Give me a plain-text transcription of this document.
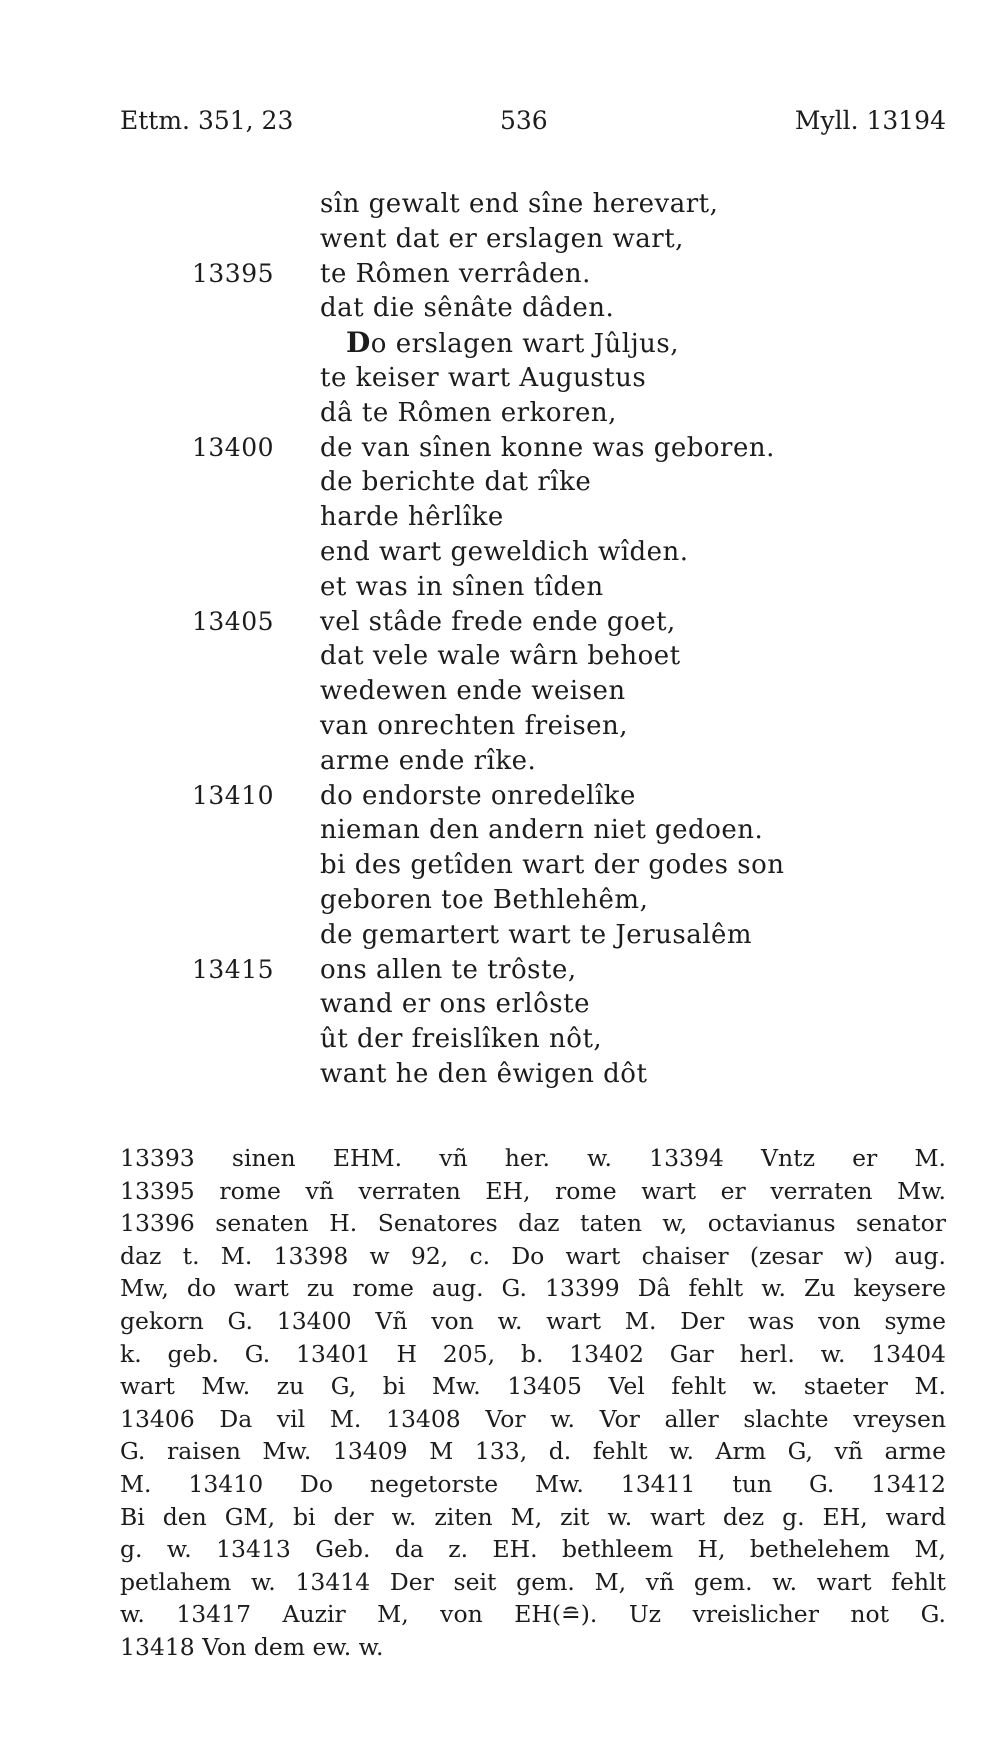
Ettm. 351, 23	536	Myll. 13194
sîn gewalt end sîne herevart,
went dat er erslagen wart,
13395 te Rômen verrâden.
dat die sênâte dâden.
Do erslagen wart Jûljus,
te keiser wart Augustus
dâ te Rômen erkoren,
13400 de van sînen konne was geboren.
de berichte dat rîke
harde hêrlîke
end wart geweldich wîden.
et was in sînen tîden
13405 vel stâde frede ende goet,
dat vele wale wârn behoet
wedewen ende weisen
van onrechten freisen,
arme ende rîke.
13410 do endorste onredelîke
nieman den andern niet gedoen.
bi des getîden wart der godes son
geboren toe Bethlehêm,
de gemartert wart te Jerusalêm
13415 ons allen te trôste,
wand er ons erlôste
ût der freislîken nôt,
want he den êwigen dôt
13393 sinen EHM. vñ her. w. 13394 Vntz er M.
13395 rome vñ verraten EH, rome wart er verraten Mw.
13396 senaten H. Senatores daz taten w, octavianus senator
daz t. M. 13398 w 92, c. Do wart chaiser (zesar w) aug.
Mw, do wart zu rome aug. G. 13399 Dâ fehlt w. Zu keysere
gekorn G. 13400 Vñ von w. wart M. Der was von syme
k. geb. G. 13401 H 205, b. 13402 Gar herl. w. 13404
wart Mw. zu G, bi Mw. 13405 Vel fehlt w. staeter M.
13406 Da vil M. 13408 Vor w. Vor aller slachte vreysen
G. raisen Mw. 13409 M 133, d. fehlt w. Arm G, vñ arme
M. 13410 Do negetorste Mw. 13411 tun G. 13412
Bi den GM, bi der w. ziten M, zit w. wart dez g. EH, ward
g. w. 13413 Geb. da z. EH. bethleem H, bethelehem M,
petlahem w. 13414 Der seit gem. M, vñ gem. w. wart fehlt
w. 13417 Auzir M, von EH(≘). Uz vreislicher not G.
13418 Von dem ew. w.
